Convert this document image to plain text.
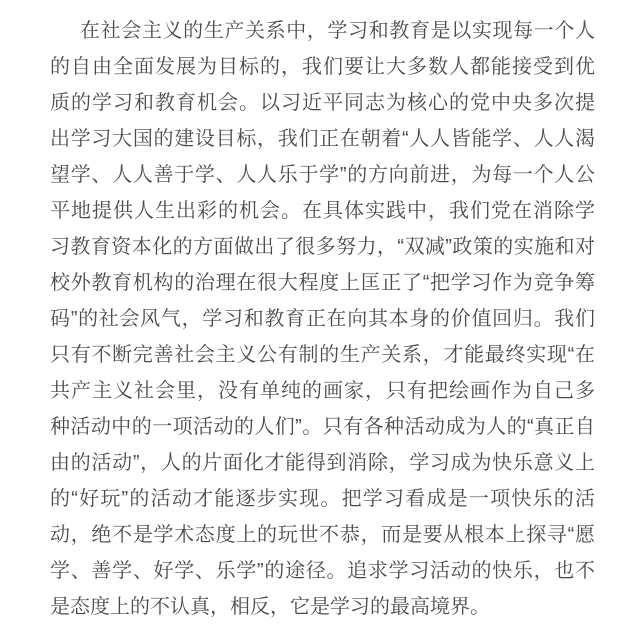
在社会主义的生产关系中，学习和教育是以实现每一个人
的自由全面发展为目标的，我们要让大多数人都能接受到优
质的学习和教育机会。以习近平同志为核心的党中央多次提
出学习大国的建设目标，我们正在朝着“人人皆能学、人人渴
望学、人人善于学、人人乐于学”的方向前进，为每一个人公
平地提供人生出彩的机会。在具体实践中，我们党在消除学
习教育资本化的方面做出了很多努力，“双减”政策的实施和对
校外教育机构的治理在很大程度上匡正了“把学习作为竞争筹
码”的社会风气，学习和教育正在向其本身的价值回归。我们
只有不断完善社会主义公有制的生产关系，才能最终实现“在
共产主义社会里，没有单纯的画家，只有把绘画作为自己多
种活动中的一项活动的人们”。只有各种活动成为人的“真正自
由的活动”，人的片面化才能得到消除，学习成为快乐意义上
的“好玩”的活动才能逐步实现。把学习看成是一项快乐的活
动，绝不是学术态度上的玩世不恭，而是要从根本上探寻“愿
学、善学、好学、乐学”的途径。追求学习活动的快乐，也不
是态度上的不认真，相反，它是学习的最高境界。
